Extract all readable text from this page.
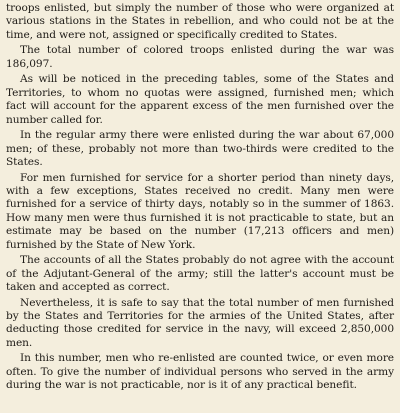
troops enlisted, but simply the number of those who were organized at various stations in the States in rebellion, and who could not be at the time, and were not, assigned or specifically credited to States.

The total number of colored troops enlisted during the war was 186,097.

As will be noticed in the preceding tables, some of the States and Territories, to whom no quotas were assigned, furnished men; which fact will account for the apparent excess of the men furnished over the number called for.

In the regular army there were enlisted during the war about 67,000 men; of these, probably not more than two-thirds were credited to the States.

For men furnished for service for a shorter period than ninety days, with a few exceptions, States received no credit. Many men were furnished for a service of thirty days, notably so in the summer of 1863. How many men were thus furnished it is not practicable to state, but an estimate may be based on the number (17,213 officers and men) furnished by the State of New York.

The accounts of all the States probably do not agree with the account of the Adjutant-General of the army; still the latter's account must be taken and accepted as correct.

Nevertheless, it is safe to say that the total number of men furnished by the States and Territories for the armies of the United States, after deducting those credited for service in the navy, will exceed 2,850,000 men.

In this number, men who re-enlisted are counted twice, or even more often. To give the number of individual persons who served in the army during the war is not practicable, nor is it of any practical benefit.
